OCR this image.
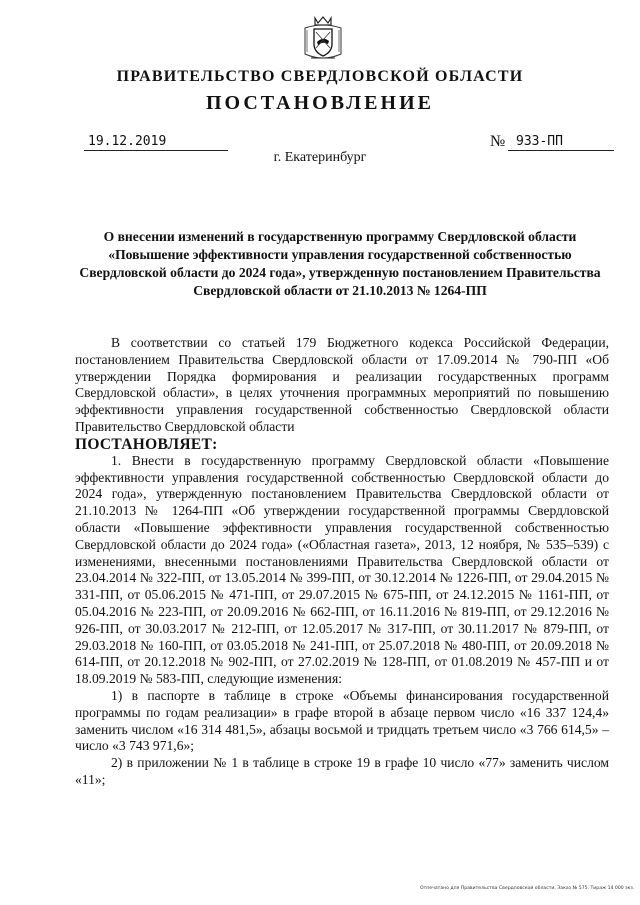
ПРАВИТЕЛЬСТВО СВЕРДЛОВСКОЙ ОБЛАСТИ
ПОСТАНОВЛЕНИЕ
19.12.2019	№ 933-ПП
г. Екатеринбург
О внесении изменений в государственную программу Свердловской области «Повышение эффективности управления государственной собственностью Свердловской области до 2024 года», утвержденную постановлением Правительства Свердловской области от 21.10.2013 № 1264-ПП

В соответствии со статьей 179 Бюджетного кодекса Российской Федерации, постановлением Правительства Свердловской области от 17.09.2014 № 790-ПП «Об утверждении Порядка формирования и реализации государственных программ Свердловской области», в целях уточнения программных мероприятий по повышению эффективности управления государственной собственностью Свердловской области Правительство Свердловской области

ПОСТАНОВЛЯЕТ:

1. Внести в государственную программу Свердловской области «Повышение эффективности управления государственной собственностью Свердловской области до 2024 года», утвержденную постановлением Правительства Свердловской области от 21.10.2013 № 1264-ПП «Об утверждении государственной программы Свердловской области «Повышение эффективности управления государственной собственностью Свердловской области до 2024 года» («Областная газета», 2013, 12 ноября, № 535–539) с изменениями, внесенными постановлениями Правительства Свердловской области от 23.04.2014 № 322-ПП, от 13.05.2014 № 399-ПП, от 30.12.2014 № 1226-ПП, от 29.04.2015 № 331-ПП, от 05.06.2015 № 471-ПП, от 29.07.2015 № 675-ПП, от 24.12.2015 № 1161-ПП, от 05.04.2016 № 223-ПП, от 20.09.2016 № 662-ПП, от 16.11.2016 № 819-ПП, от 29.12.2016 № 926-ПП, от 30.03.2017 № 212-ПП, от 12.05.2017 № 317-ПП, от 30.11.2017 № 879-ПП, от 29.03.2018 № 160-ПП, от 03.05.2018 № 241-ПП, от 25.07.2018 № 480-ПП, от 20.09.2018 № 614-ПП, от 20.12.2018 № 902-ПП, от 27.02.2019 № 128-ПП, от 01.08.2019 № 457-ПП и от 18.09.2019 № 583-ПП, следующие изменения:

1) в паспорте в таблице в строке «Объемы финансирования государственной программы по годам реализации» в графе второй в абзаце первом число «16 337 124,4» заменить числом «16 314 481,5», абзацы восьмой и тридцать третьем число «3 766 614,5» – число «3 743 971,6»;

2) в приложении № 1 в таблице в строке 19 в графе 10 число «77» заменить числом «11»;

Отпечатано для Правительства Свердловской области, Заказ № 575. Тираж 14 000 экз.
